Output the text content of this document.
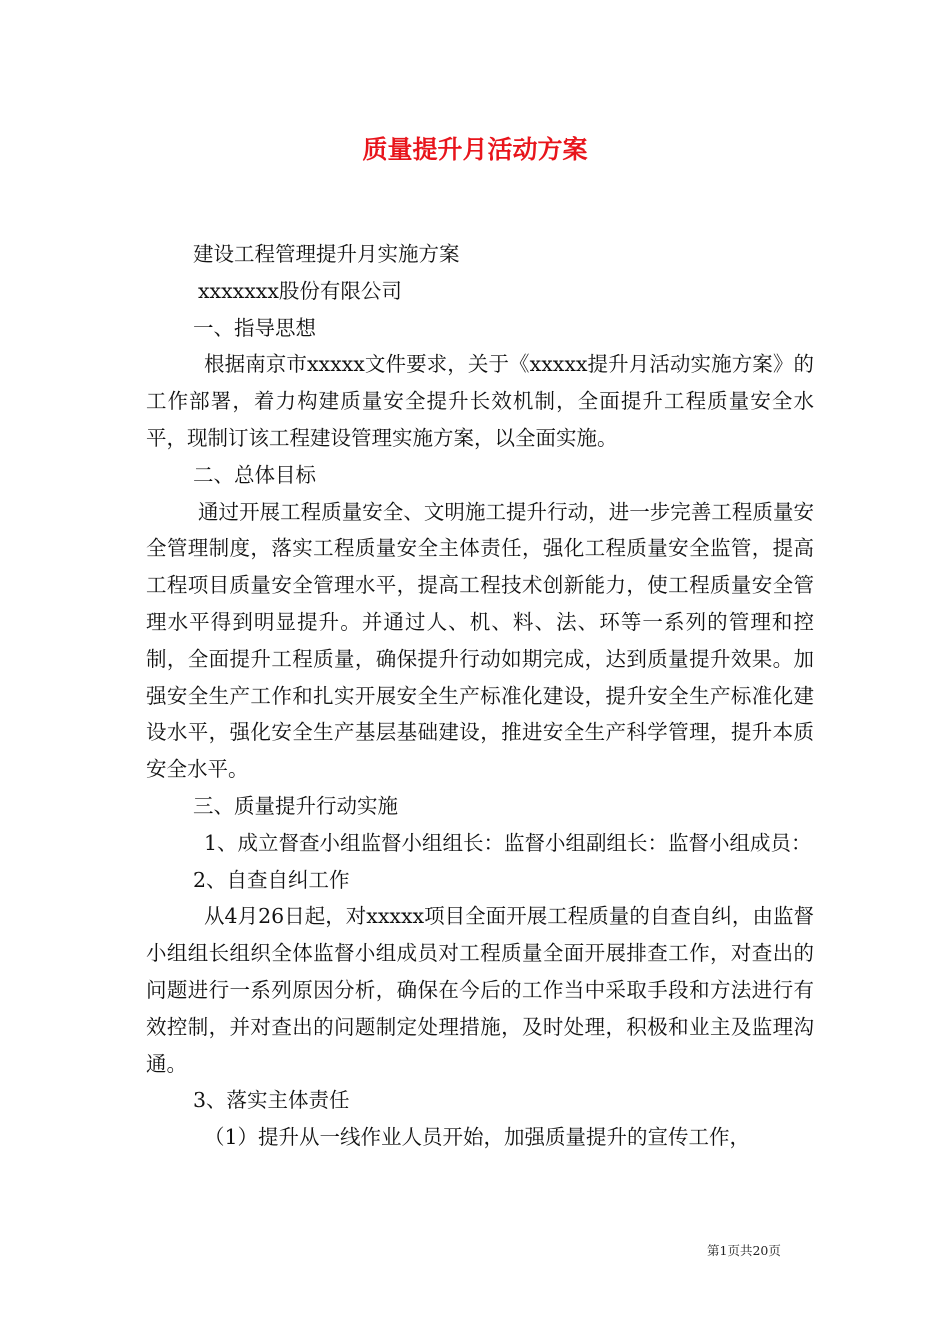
质量提升月活动方案

建设工程管理提升月实施方案

xxxxxxx股份有限公司

一、指导思想

根据南京市xxxxx文件要求，关于《xxxxx提升月活动实施方案》的工作部署，着力构建质量安全提升长效机制，全面提升工程质量安全水平，现制订该工程建设管理实施方案，以全面实施。

二、总体目标

通过开展工程质量安全、文明施工提升行动，进一步完善工程质量安全管理制度，落实工程质量安全主体责任，强化工程质量安全监管，提高工程项目质量安全管理水平，提高工程技术创新能力，使工程质量安全管理水平得到明显提升。并通过人、机、料、法、环等一系列的管理和控制，全面提升工程质量，确保提升行动如期完成，达到质量提升效果。加强安全生产工作和扎实开展安全生产标准化建设，提升安全生产标准化建设水平，强化安全生产基层基础建设，推进安全生产科学管理，提升本质安全水平。

三、质量提升行动实施

1、成立督查小组监督小组组长：监督小组副组长：监督小组成员：

2、自查自纠工作

从4月26日起，对xxxxx项目全面开展工程质量的自查自纠，由监督小组组长组织全体监督小组成员对工程质量全面开展排查工作，对查出的问题进行一系列原因分析，确保在今后的工作当中采取手段和方法进行有效控制，并对查出的问题制定处理措施，及时处理，积极和业主及监理沟通。

3、落实主体责任

（1）提升从一线作业人员开始，加强质量提升的宣传工作，

第1页共20页
